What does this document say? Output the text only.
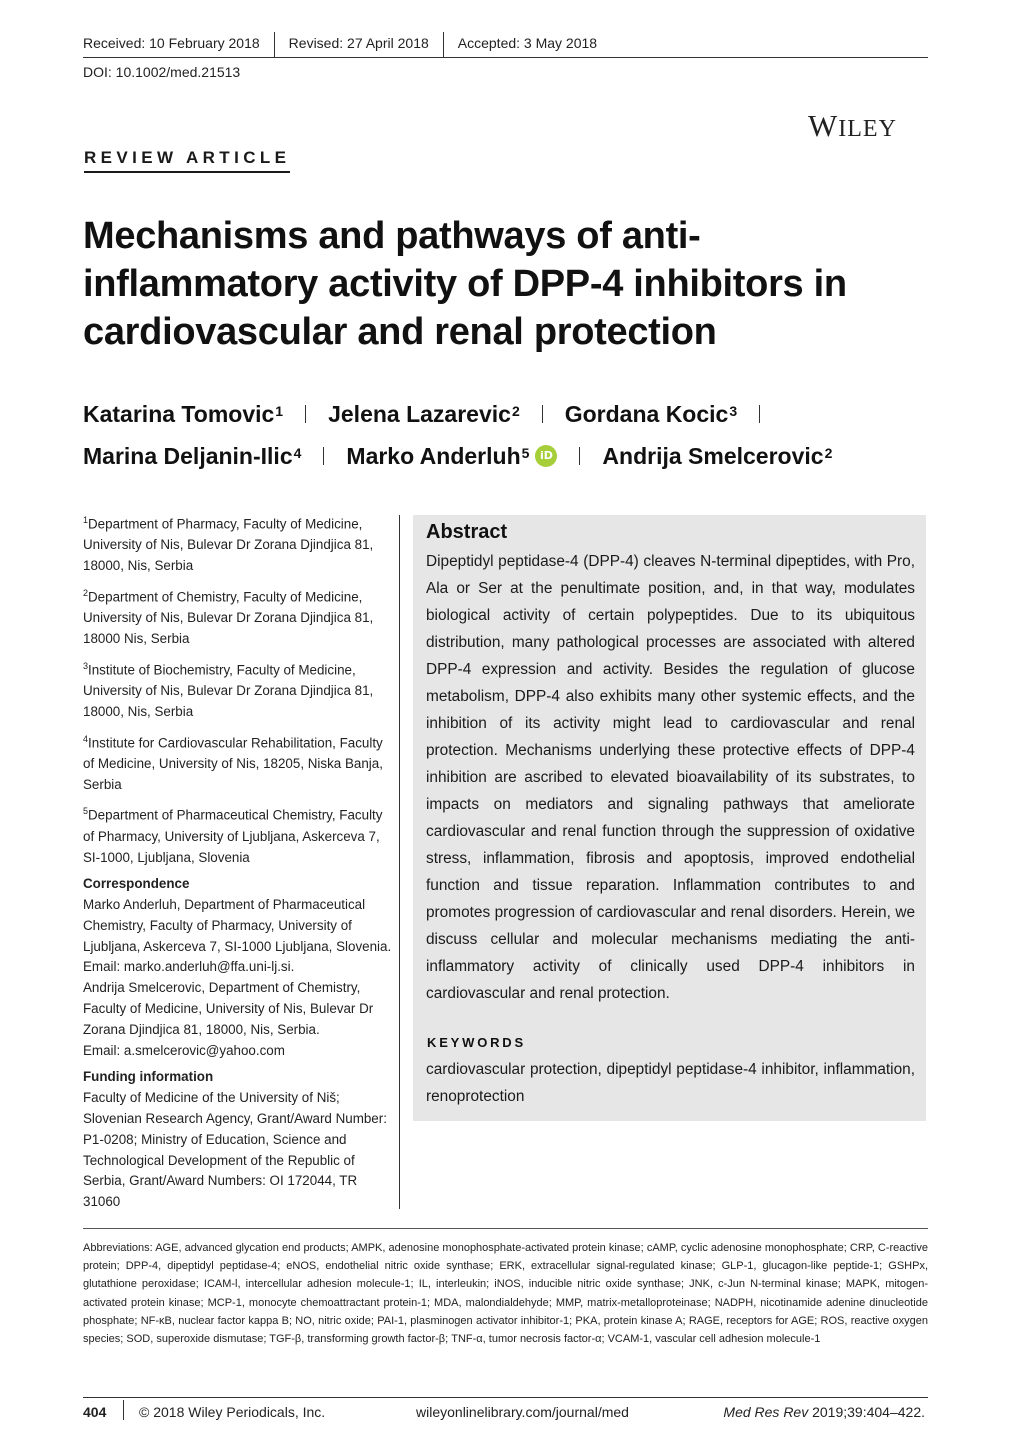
Received: 10 February 2018	Revised: 27 April 2018	Accepted: 3 May 2018
DOI: 10.1002/med.21513
WILEY
REVIEW ARTICLE
Mechanisms and pathways of anti-inflammatory activity of DPP-4 inhibitors in cardiovascular and renal protection
Katarina Tomovic$^1$ Jelena Lazarevic$^2$ Gordana Kocic$^3$
Marina Deljanin-Ilic$^4$ Marko Anderluh$^5$ iD Andrija Smelcerovic$^2$
$^1$Department of Pharmacy, Faculty of Medicine, University of Nis, Bulevar Dr Zorana Djindjica 81, 18000, Nis, Serbia
$^2$Department of Chemistry, Faculty of Medicine, University of Nis, Bulevar Dr Zorana Djindjica 81, 18000 Nis, Serbia
$^3$Institute of Biochemistry, Faculty of Medicine, University of Nis, Bulevar Dr Zorana Djindjica 81, 18000, Nis, Serbia
$^4$Institute for Cardiovascular Rehabilitation, Faculty of Medicine, University of Nis, 18205, Niska Banja, Serbia
$^5$Department of Pharmaceutical Chemistry, Faculty of Pharmacy, University of Ljubljana, Askerceva 7, SI-1000, Ljubljana, Slovenia
Correspondence
Marko Anderluh, Department of Pharmaceutical Chemistry, Faculty of Pharmacy, University of Ljubljana, Askerceva 7, SI-1000 Ljubljana, Slovenia.
Email: marko.anderluh@ffa.uni-lj.si.
Andrija Smelcerovic, Department of Chemistry, Faculty of Medicine, University of Nis, Bulevar Dr Zorana Djindjica 81, 18000, Nis, Serbia.
Email: a.smelcerovic@yahoo.com
Funding information
Faculty of Medicine of the University of Niš; Slovenian Research Agency, Grant/Award Number: P1-0208; Ministry of Education, Science and Technological Development of the Republic of Serbia, Grant/Award Numbers: OI 172044, TR 31060
Abstract

Dipeptidyl peptidase-4 (DPP-4) cleaves N-terminal dipeptides, with Pro, Ala or Ser at the penultimate position, and, in that way, modulates biological activity of certain polypeptides. Due to its ubiquitous distribution, many pathological processes are associated with altered DPP-4 expression and activity. Besides the regulation of glucose metabolism, DPP-4 also exhibits many other systemic effects, and the inhibition of its activity might lead to cardiovascular and renal protection. Mechanisms underlying these protective effects of DPP-4 inhibition are ascribed to elevated bioavailability of its substrates, to impacts on mediators and signaling pathways that ameliorate cardiovascular and renal function through the suppression of oxidative stress, inflammation, fibrosis and apoptosis, improved endothelial function and tissue reparation. Inflammation contributes to and promotes progression of cardiovascular and renal disorders. Herein, we discuss cellular and molecular mechanisms mediating the anti-inflammatory activity of clinically used DPP-4 inhibitors in cardiovascular and renal protection.

KEYWORDS

cardiovascular protection, dipeptidyl peptidase-4 inhibitor, inflammation, renoprotection

Abbreviations: AGE, advanced glycation end products; AMPK, adenosine monophosphate-activated protein kinase; cAMP, cyclic adenosine monophosphate; CRP, C-reactive protein; DPP-4, dipeptidyl peptidase-4; eNOS, endothelial nitric oxide synthase; ERK, extracellular signal-regulated kinase; GLP-1, glucagon-like peptide-1; GSHPx, glutathione peroxidase; ICAM-l, intercellular adhesion molecule-1; IL, interleukin; iNOS, inducible nitric oxide synthase; JNK, c-Jun N-terminal kinase; MAPK, mitogen-activated protein kinase; MCP-1, monocyte chemoattractant protein-1; MDA, malondialdehyde; MMP, matrix-metalloproteinase; NADPH, nicotinamide adenine dinucleotide phosphate; NF-κB, nuclear factor kappa B; NO, nitric oxide; PAI-1, plasminogen activator inhibitor-1; PKA, protein kinase A; RAGE, receptors for AGE; ROS, reactive oxygen species; SOD, superoxide dismutase; TGF-β, transforming growth factor-β; TNF-α, tumor necrosis factor-α; VCAM-1, vascular cell adhesion molecule-1

404 © 2018 Wiley Periodicals, Inc.	wileyonlinelibrary.com/journal/med	Med Res Rev 2019;39:404–422.
